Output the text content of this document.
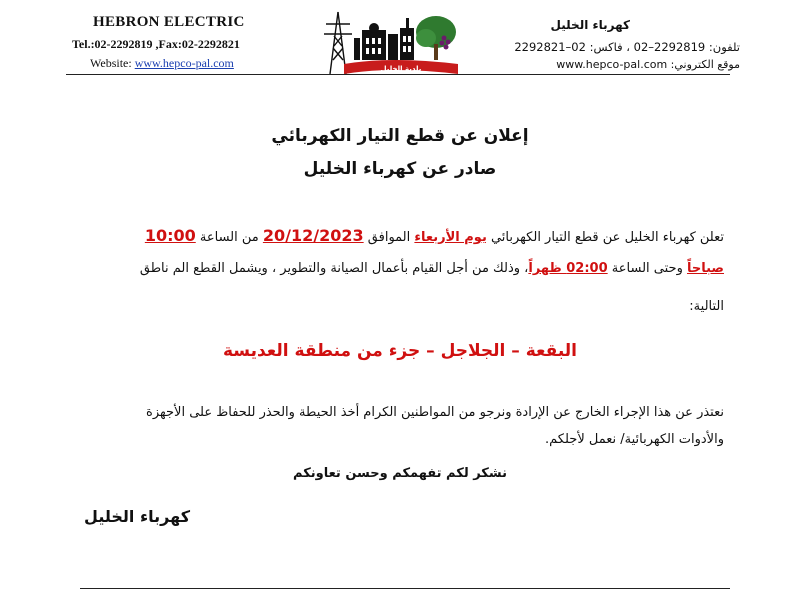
HEBRON ELECTRIC
Tel.:02-2292819 ,Fax:02-2292821
Website: www.hepco-pal.com	بلدية الخليل
كهرباء الخليل
تلفون: 2292819–02 ، فاكس: 02–2292821
موقع الكتروني: www.hepco-pal.com
إعلان عن قطع التيار الكهربائي
صادر عن كهرباء الخليل
تعلن كهرباء الخليل عن قطع التيار الكهربائي يوم الأربعاء الموافق 20/12/2023 من الساعة 10:00
صباحاً وحتى الساعة 02:00 ظهراً، وذلك من أجل القيام بأعمال الصيانة والتطوير ، ويشمل القطع الم ناطق
التالية:
البقعة – الجلاجل – جزء من منطقة العديسة
نعتذر عن هذا الإجراء الخارج عن الإرادة ونرجو من المواطنين الكرام أخذ الحيطة والحذر للحفاظ على الأجهزة
والأدوات الكهربائية/ نعمل لأجلكم.
نشكر لكم تفهمكم وحسن تعاونكم
كهرباء الخليل
